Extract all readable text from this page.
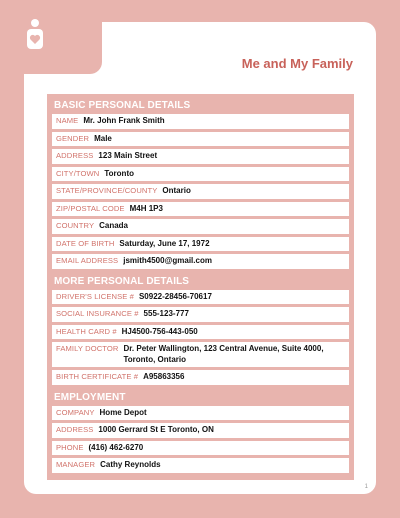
Me and My Family
BASIC PERSONAL DETAILS
NAME Mr. John Frank Smith
GENDER Male
ADDRESS 123 Main Street
CITY/TOWN Toronto
STATE/PROVINCE/COUNTY Ontario
ZIP/POSTAL CODE M4H 1P3
COUNTRY Canada
DATE OF BIRTH Saturday, June 17, 1972
EMAIL ADDRESS jsmith4500@gmail.com
MORE PERSONAL DETAILS
DRIVER'S LICENSE # S0922-28456-70617
SOCIAL INSURANCE # 555-123-777
HEALTH CARD # HJ4500-756-443-050
FAMILY DOCTOR Dr. Peter Wallington, 123 Central Avenue, Suite 4000, Toronto, Ontario
BIRTH CERTIFICATE # A95863356
EMPLOYMENT
COMPANY Home Depot
ADDRESS 1000 Gerrard St E Toronto, ON
PHONE (416) 462-6270
MANAGER Cathy Reynolds
1
